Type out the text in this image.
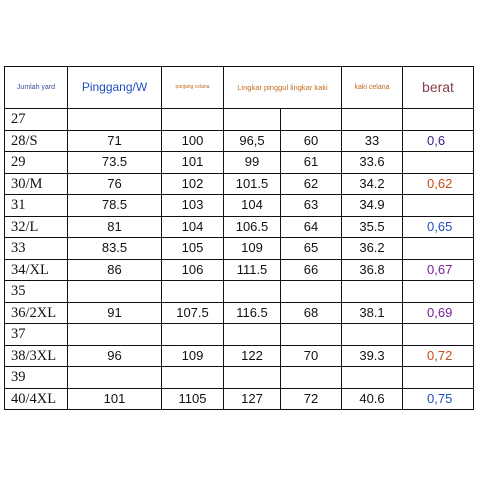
Jumlah yard	Pinggang/W	panjang celana	Lingkar pinggul lingkar kaki		kaki celana	berat
27						
28/S	71	100	96,5	60	33	0,6
29	73.5	101	99	61	33.6	
30/M	76	102	101.5	62	34.2	0,62
31	78.5	103	104	63	34.9	
32/L	81	104	106.5	64	35.5	0,65
33	83.5	105	109	65	36.2	
34/XL	86	106	111.5	66	36.8	0,67
35						
36/2XL	91	107.5	116.5	68	38.1	0,69
37						
38/3XL	96	109	122	70	39.3	0,72
39						
40/4XL	101	1105	127	72	40.6	0,75
